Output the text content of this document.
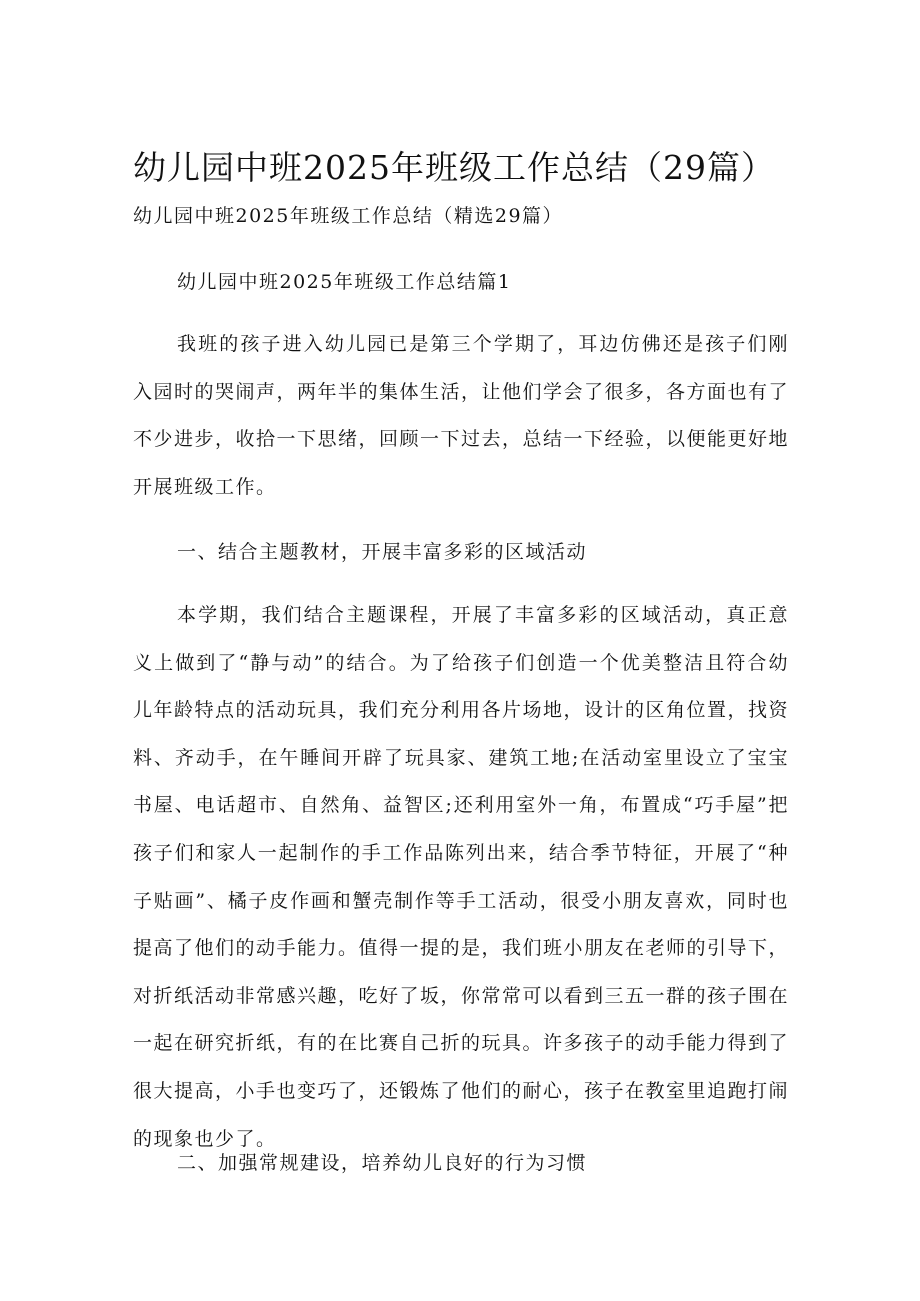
幼儿园中班2025年班级工作总结（29篇）

幼儿园中班2025年班级工作总结（精选29篇）

幼儿园中班2025年班级工作总结篇1

我班的孩子进入幼儿园已是第三个学期了，耳边仿佛还是孩子们刚入园时的哭闹声，两年半的集体生活，让他们学会了很多，各方面也有了不少进步，收拾一下思绪，回顾一下过去，总结一下经验，以便能更好地开展班级工作。

一、结合主题教材，开展丰富多彩的区域活动

本学期，我们结合主题课程，开展了丰富多彩的区域活动，真正意义上做到了“静与动”的结合。为了给孩子们创造一个优美整洁且符合幼儿年龄特点的活动玩具，我们充分利用各片场地，设计的区角位置，找资料、齐动手，在午睡间开辟了玩具家、建筑工地;在活动室里设立了宝宝书屋、电话超市、自然角、益智区;还利用室外一角，布置成“巧手屋”把孩子们和家人一起制作的手工作品陈列出来，结合季节特征，开展了“种子贴画”、橘子皮作画和蟹壳制作等手工活动，很受小朋友喜欢，同时也提高了他们的动手能力。值得一提的是，我们班小朋友在老师的引导下，对折纸活动非常感兴趣，吃好了坂，你常常可以看到三五一群的孩子围在一起在研究折纸，有的在比赛自己折的玩具。许多孩子的动手能力得到了很大提高，小手也变巧了，还锻炼了他们的耐心，孩子在教室里追跑打闹的现象也少了。

二、加强常规建设，培养幼儿良好的行为习惯
